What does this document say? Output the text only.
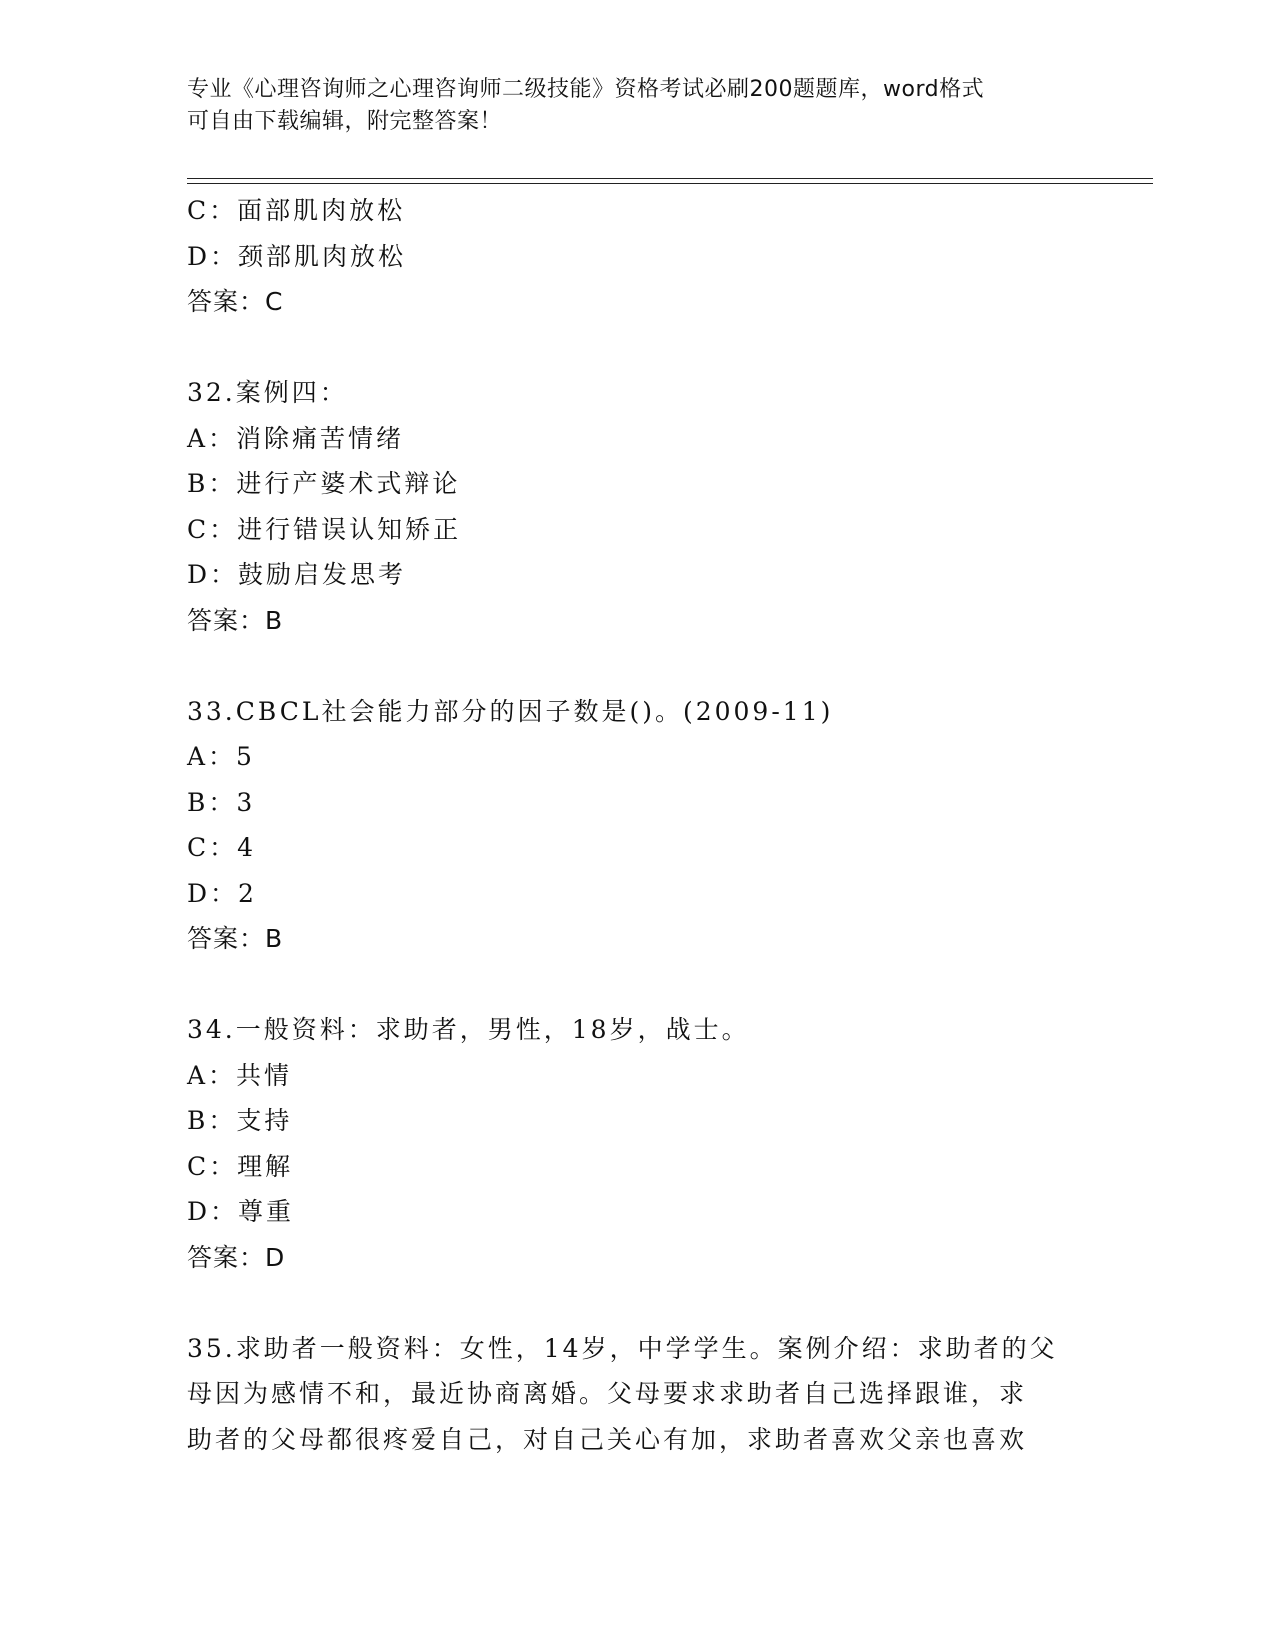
专业《心理咨询师之心理咨询师二级技能》资格考试必刷200题题库，word格式
可自由下载编辑，附完整答案！
C：面部肌肉放松
D：颈部肌肉放松
答案：C
32.案例四：
A：消除痛苦情绪
B：进行产婆术式辩论
C：进行错误认知矫正
D：鼓励启发思考
答案：B
33.CBCL社会能力部分的因子数是()。(2009-11)
A：5
B：3
C：4
D：2
答案：B
34.一般资料：求助者，男性，18岁，战士。
A：共情
B：支持
C：理解
D：尊重
答案：D
35.求助者一般资料：女性，14岁，中学学生。案例介绍：求助者的父
母因为感情不和，最近协商离婚。父母要求求助者自己选择跟谁，求
助者的父母都很疼爱自己，对自己关心有加，求助者喜欢父亲也喜欢
